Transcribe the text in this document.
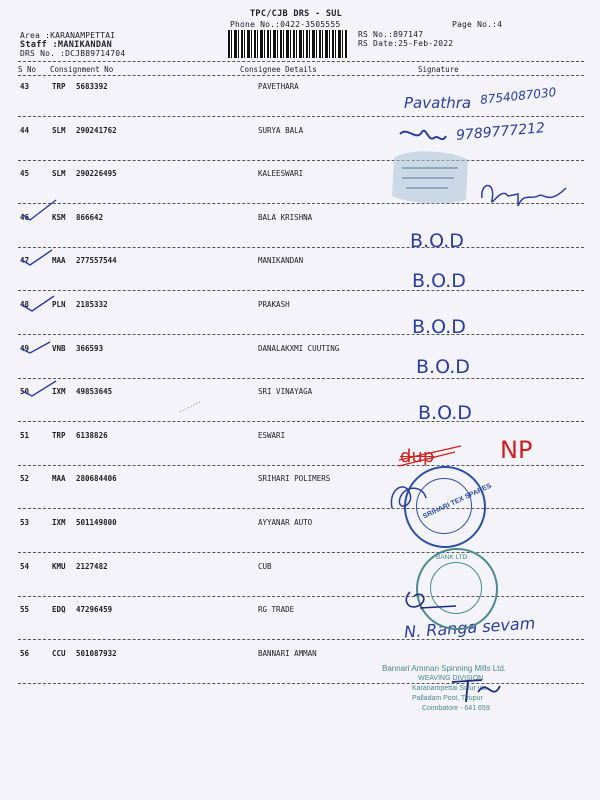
TPC/CJB DRS - SUL
Phone No.:0422-3505555	Page No.:4
Area :KARANAMPETTAI
Staff :MANIKANDAN
DRS No. :DCJB89714704
RS No.:897147
RS Date:25-Feb-2022
S No Consignment No	Consignee Details	Signature
43	TRP 5683392	PAVETHARA
44	SLM 290241762	SURYA BALA
45	SLM 290226495	KALEESWARI
46	KSM 866642	BALA KRISHNA
47	MAA 277557544	MANIKANDAN
48	PLN 2185332	PRAKASH
49	VNB 366593	DANALAKXMI CUUTING
50	IXM 49853645	SRI VINAYAGA
51	TRP 6138826	ESWARI
52	MAA 280684406	SRIHARI POLIMERS
53	IXM 501149800	AYYANAR AUTO
54	KMU 2127482	CUB
55	EDQ 47296459	RG TRADE
56	CCU 501087932	BANNARI AMMAN
Pavathra 8754087030
9789777212
B.O.D
B.O.D
B.O.D
B.O.D
B.O.D
dup	NP
N. Ranga sevam
SRIHARI TEX SPARES
BANK LTD
Bannari Amman Spinning Mills Ltd.
WEAVING DIVISION
Karanampettai Sulur via
Palladam Post, Tirupur
Coimbatore - 641 659
